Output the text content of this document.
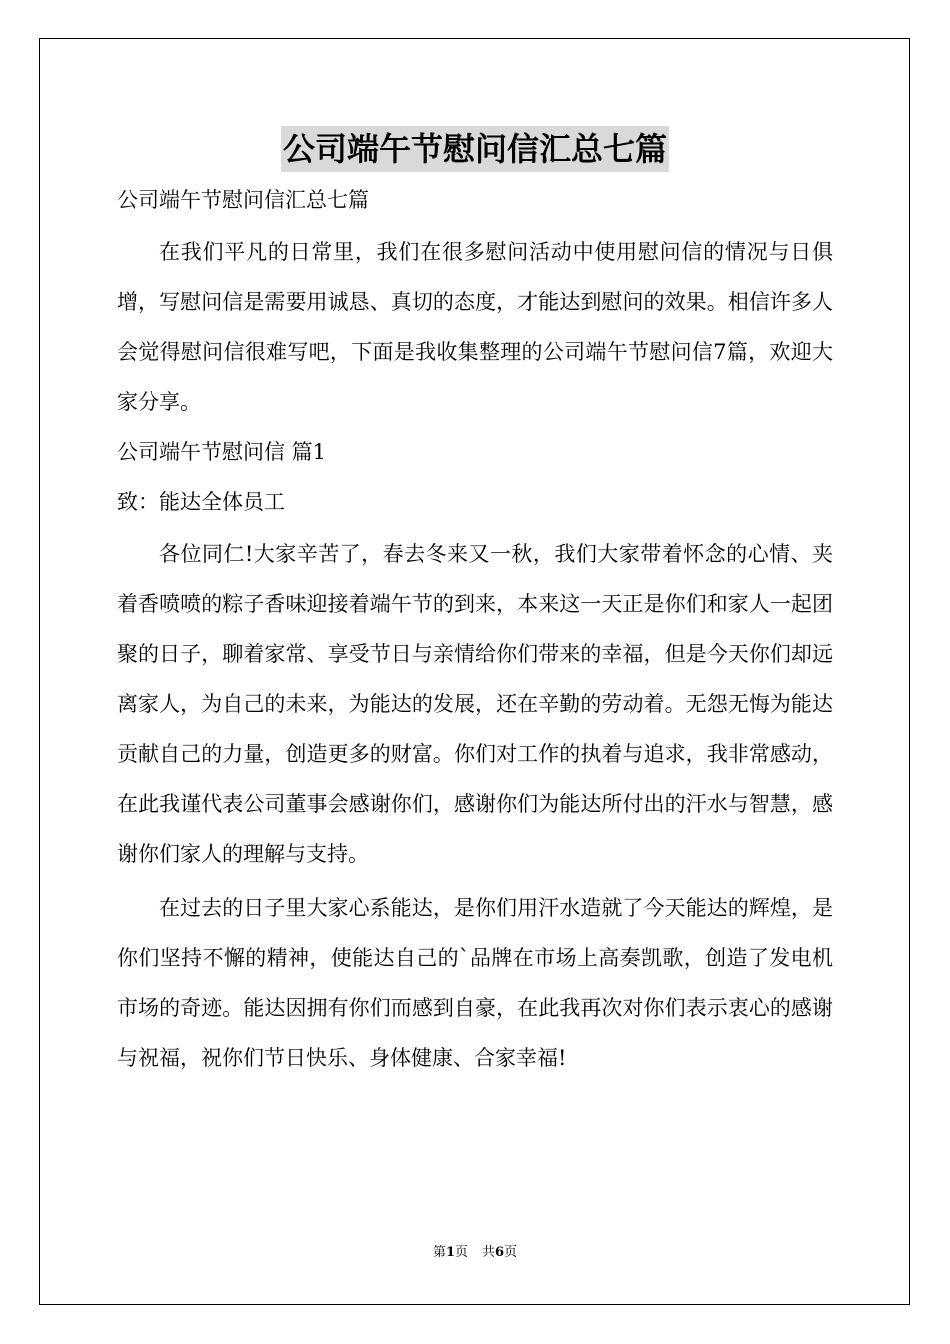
公司端午节慰问信汇总七篇

公司端午节慰问信汇总七篇

在我们平凡的日常里，我们在很多慰问活动中使用慰问信的情况与日俱增，写慰问信是需要用诚恳、真切的态度，才能达到慰问的效果。相信许多人会觉得慰问信很难写吧，下面是我收集整理的公司端午节慰问信7篇，欢迎大家分享。

公司端午节慰问信 篇1

致：能达全体员工

各位同仁!大家辛苦了，春去冬来又一秋，我们大家带着怀念的心情、夹着香喷喷的粽子香味迎接着端午节的到来，本来这一天正是你们和家人一起团聚的日子，聊着家常、享受节日与亲情给你们带来的幸福，但是今天你们却远离家人，为自己的未来，为能达的发展，还在辛勤的劳动着。无怨无悔为能达贡献自己的力量，创造更多的财富。你们对工作的执着与追求，我非常感动，在此我谨代表公司董事会感谢你们，感谢你们为能达所付出的汗水与智慧，感谢你们家人的理解与支持。

在过去的日子里大家心系能达，是你们用汗水造就了今天能达的辉煌，是你们坚持不懈的精神，使能达自己的`品牌在市场上高奏凯歌，创造了发电机市场的奇迹。能达因拥有你们而感到自豪，在此我再次对你们表示衷心的感谢与祝福，祝你们节日快乐、身体健康、合家幸福!

第1页 共6页
